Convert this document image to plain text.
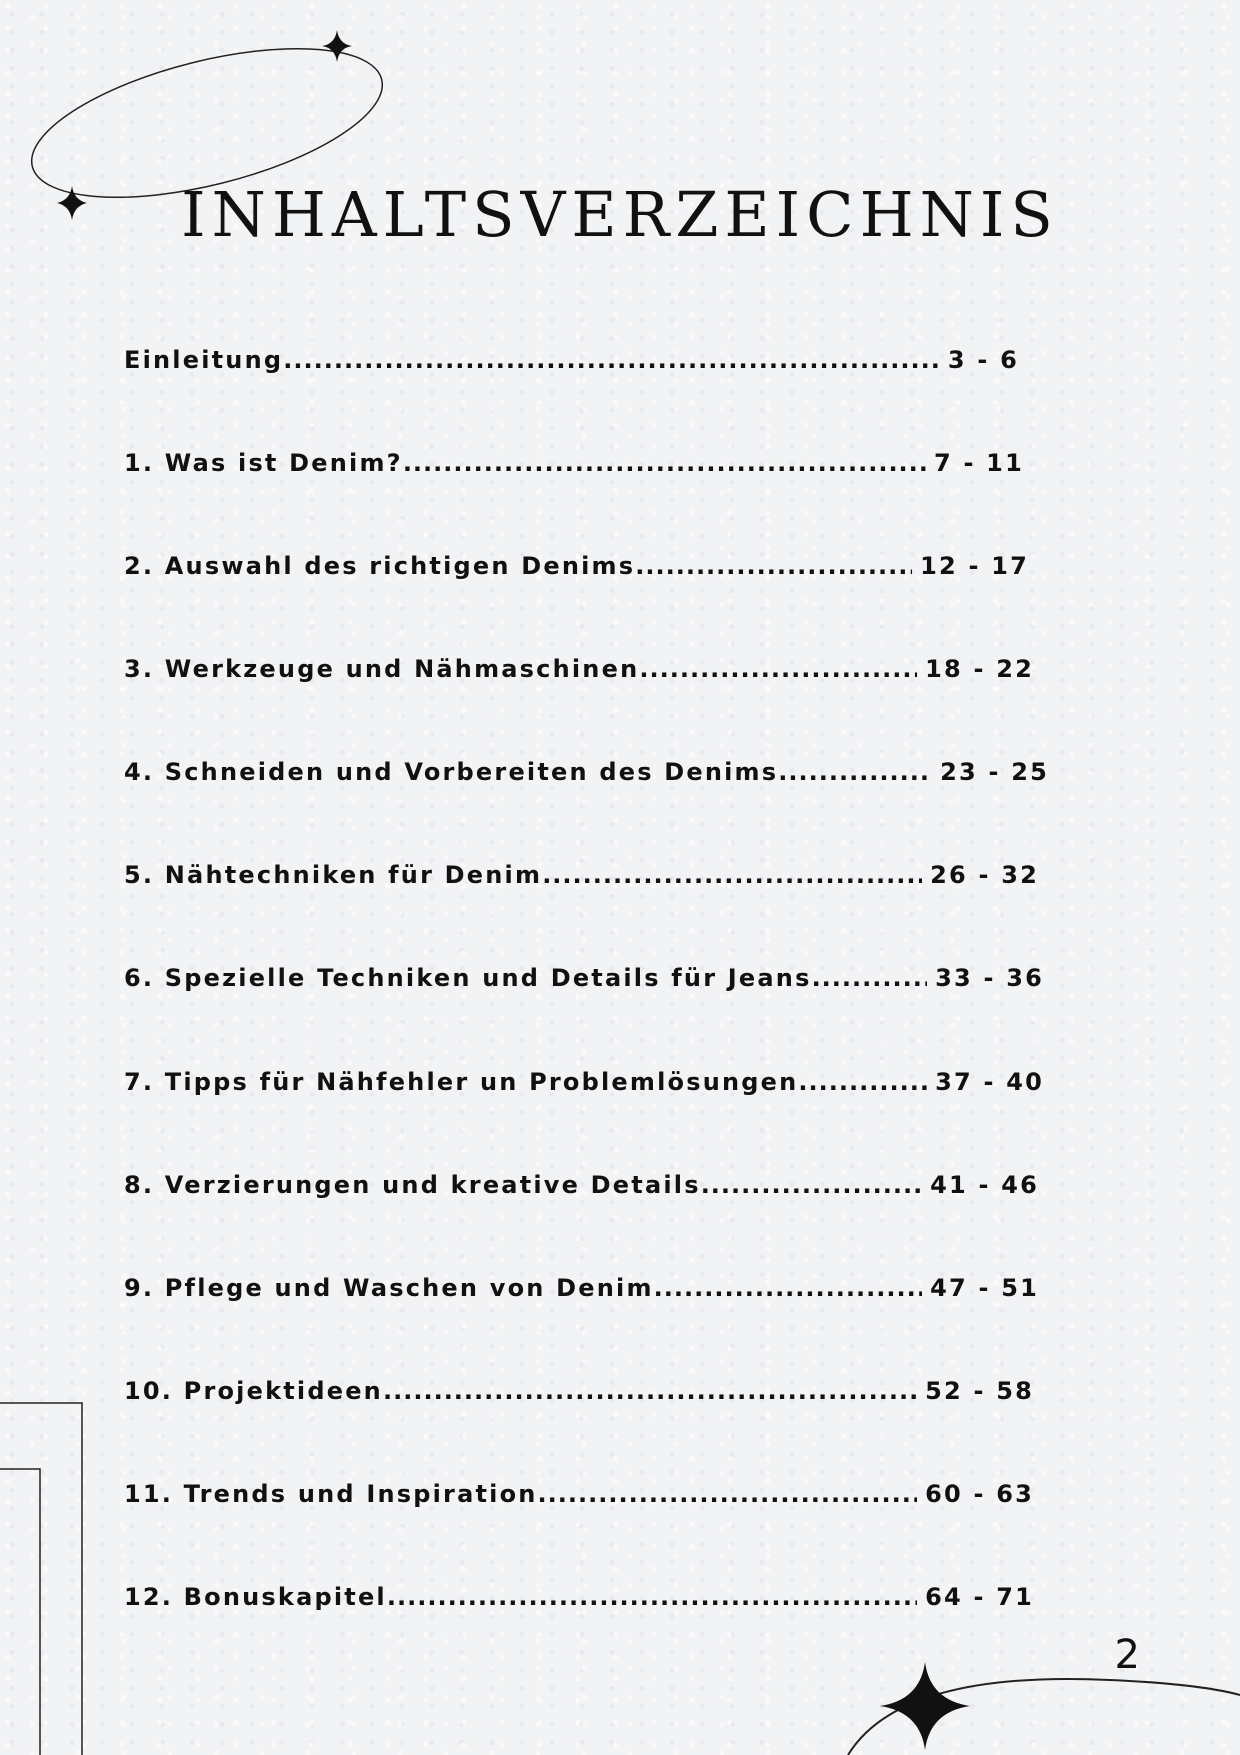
INHALTSVERZEICHNIS
Einleitung .....	3 - 6
1. Was ist Denim? .....	7 - 11
2. Auswahl des richtigen Denims .....	12 - 17
3. Werkzeuge und Nähmaschinen .....	18 - 22
4. Schneiden und Vorbereiten des Denims .....	23 - 25
5. Nähtechniken für Denim .....	26 - 32
6. Spezielle Techniken und Details für Jeans .....	33 - 36
7. Tipps für Nähfehler un Problemlösungen .....	37 - 40
8. Verzierungen und kreative Details .....	41 - 46
9. Pflege und Waschen von Denim .....	47 - 51
10. Projektideen .....	52 - 58
11. Trends und Inspiration .....	60 - 63
12. Bonuskapitel .....	64 - 71
2
